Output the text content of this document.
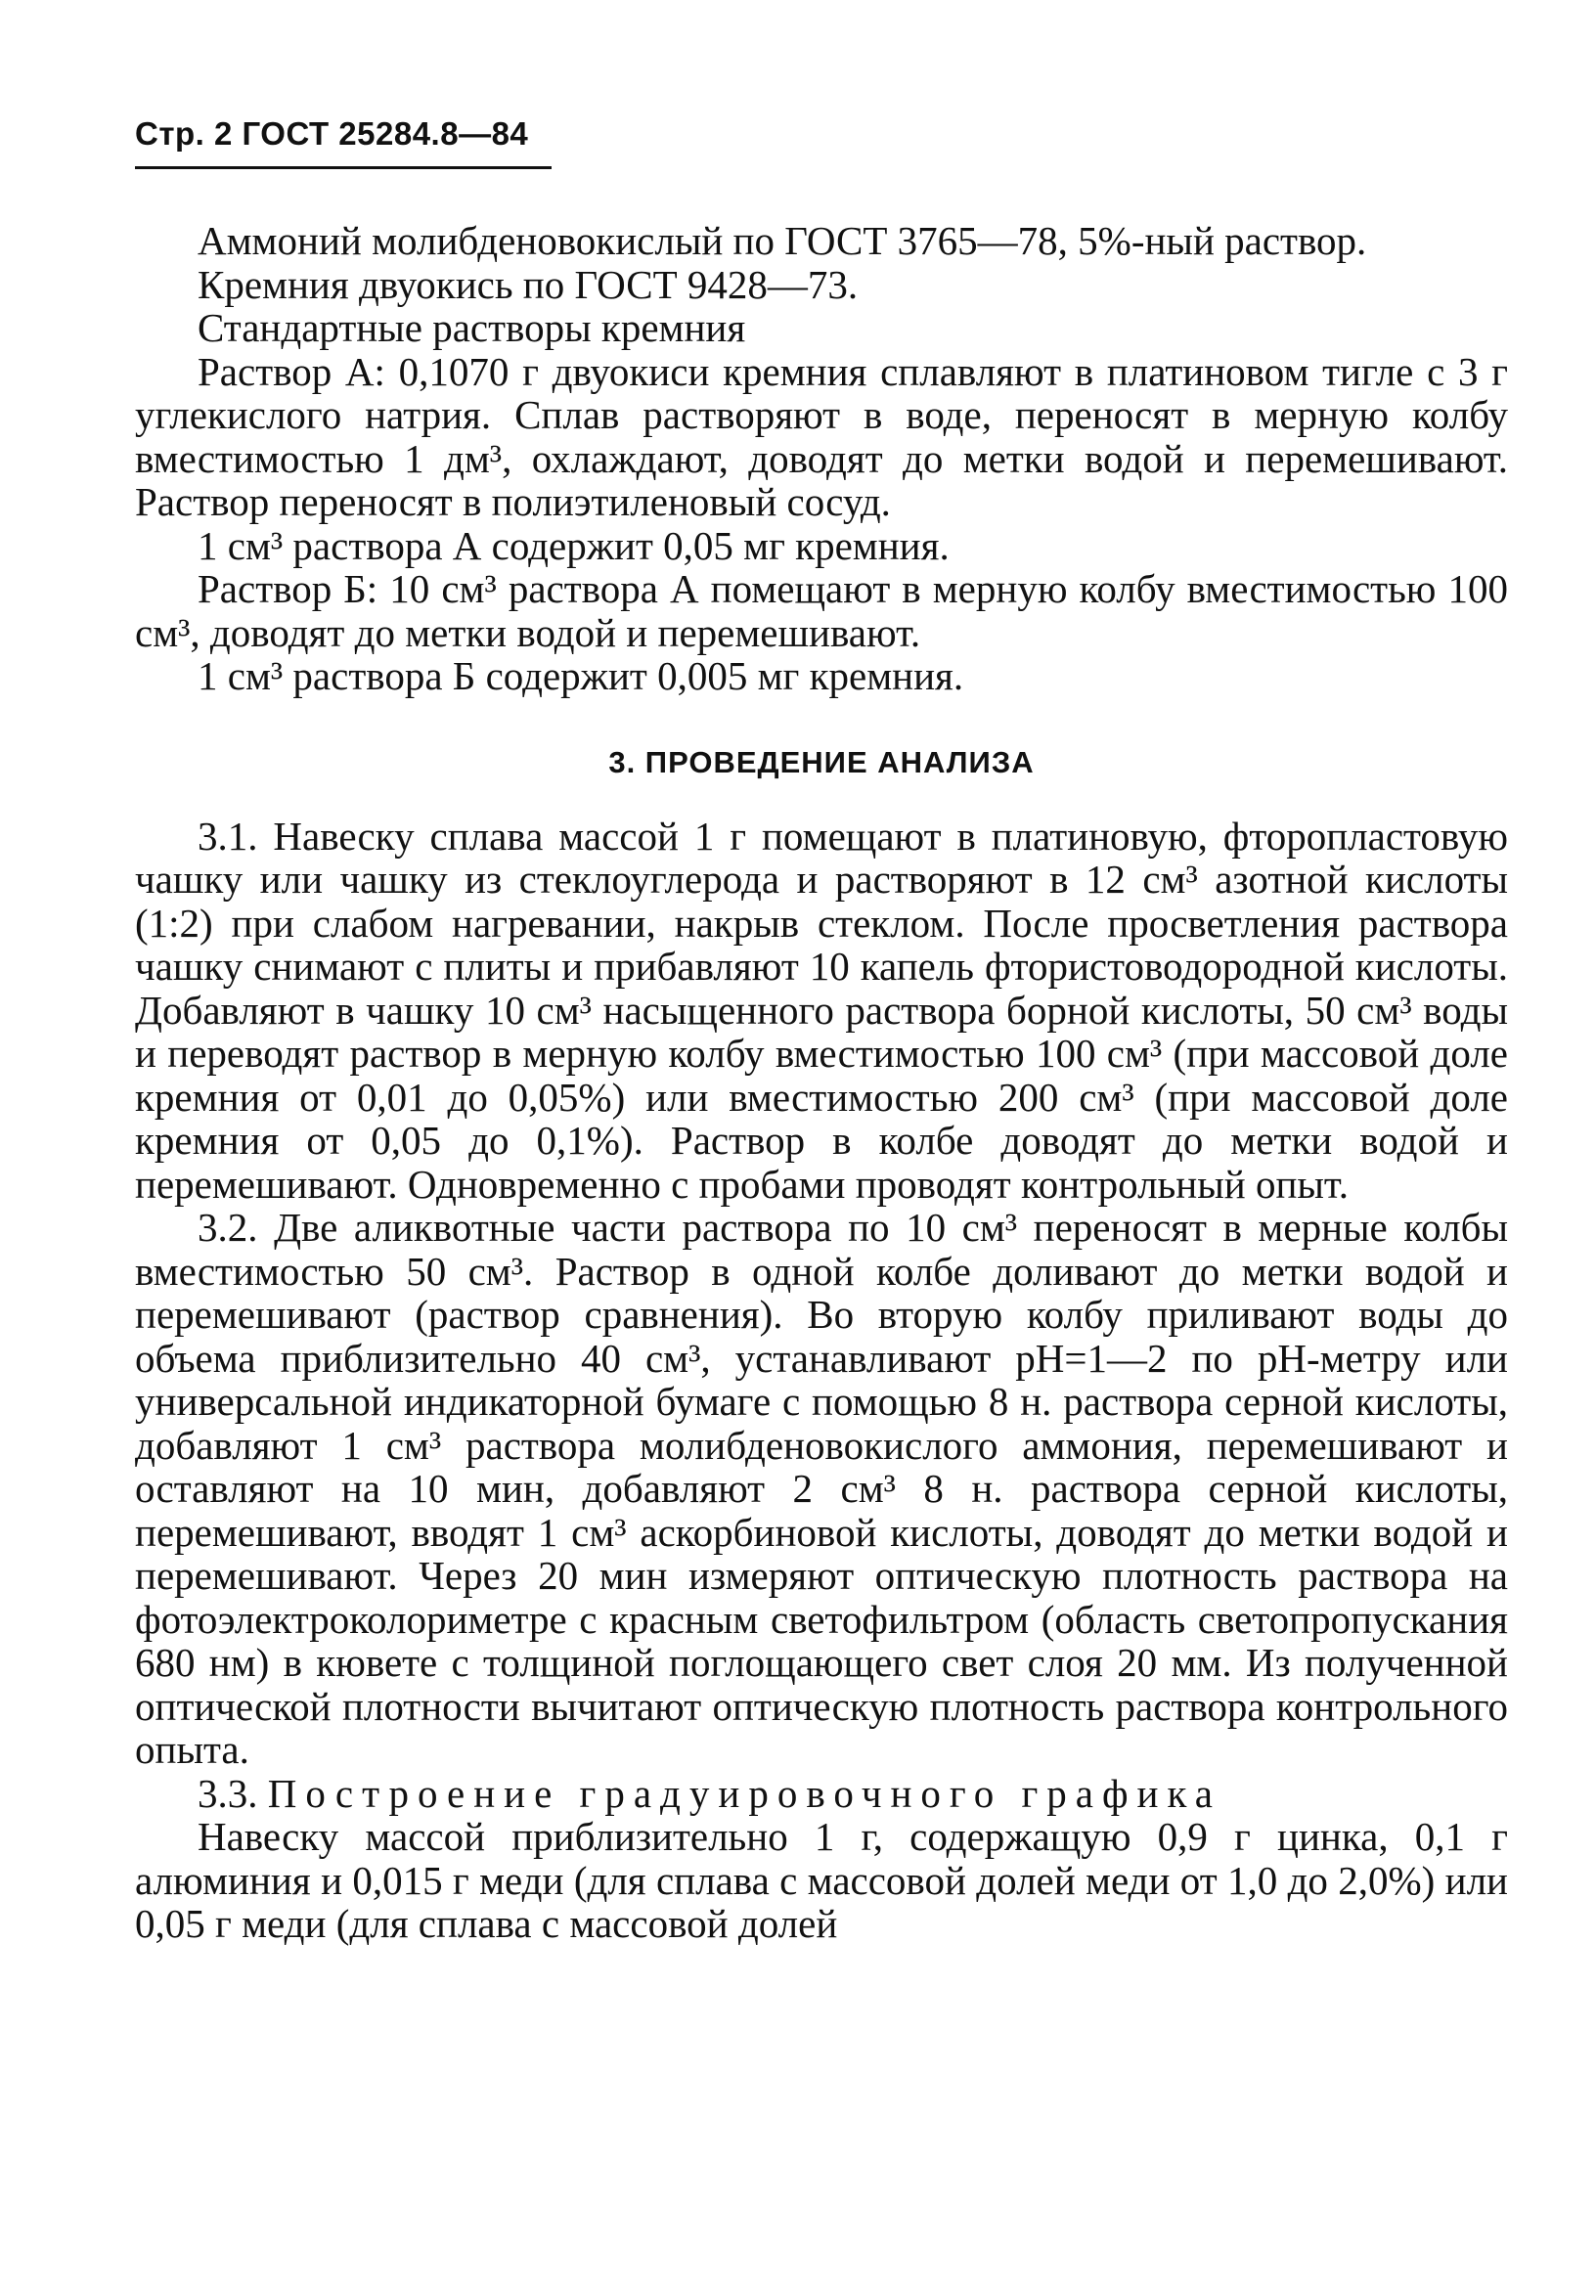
Стр. 2 ГОСТ 25284.8—84

Аммоний молибденовокислый по ГОСТ 3765—78, 5%-ный раствор.

Кремния двуокись по ГОСТ 9428—73.

Стандартные растворы кремния

Раствор А: 0,1070 г двуокиси кремния сплавляют в платиновом тигле с 3 г углекислого натрия. Сплав растворяют в воде, переносят в мерную колбу вместимостью 1 дм³, охлаждают, доводят до метки водой и перемешивают. Раствор переносят в полиэтиленовый сосуд.

1 см³ раствора А содержит 0,05 мг кремния.

Раствор Б: 10 см³ раствора А помещают в мерную колбу вместимостью 100 см³, доводят до метки водой и перемешивают.

1 см³ раствора Б содержит 0,005 мг кремния.

3. ПРОВЕДЕНИЕ АНАЛИЗА

3.1. Навеску сплава массой 1 г помещают в платиновую, фторопластовую чашку или чашку из стеклоуглерода и растворяют в 12 см³ азотной кислоты (1:2) при слабом нагревании, накрыв стеклом. После просветления раствора чашку снимают с плиты и прибавляют 10 капель фтористоводородной кислоты. Добавляют в чашку 10 см³ насыщенного раствора борной кислоты, 50 см³ воды и переводят раствор в мерную колбу вместимостью 100 см³ (при массовой доле кремния от 0,01 до 0,05%) или вместимостью 200 см³ (при массовой доле кремния от 0,05 до 0,1%). Раствор в колбе доводят до метки водой и перемешивают. Одновременно с пробами проводят контрольный опыт.

3.2. Две аликвотные части раствора по 10 см³ переносят в мерные колбы вместимостью 50 см³. Раствор в одной колбе доливают до метки водой и перемешивают (раствор сравнения). Во вторую колбу приливают воды до объема приблизительно 40 см³, устанавливают рН=1—2 по рН-метру или универсальной индикаторной бумаге с помощью 8 н. раствора серной кислоты, добавляют 1 см³ раствора молибденовокислого аммония, перемешивают и оставляют на 10 мин, добавляют 2 см³ 8 н. раствора серной кислоты, перемешивают, вводят 1 см³ аскорбиновой кислоты, доводят до метки водой и перемешивают. Через 20 мин измеряют оптическую плотность раствора на фотоэлектроколориметре с красным светофильтром (область светопропускания 680 нм) в кювете с толщиной поглощающего свет слоя 20 мм. Из полученной оптической плотности вычитают оптическую плотность раствора контрольного опыта.

3.3. Построение градуировочного графика

Навеску массой приблизительно 1 г, содержащую 0,9 г цинка, 0,1 г алюминия и 0,015 г меди (для сплава с массовой долей меди от 1,0 до 2,0%) или 0,05 г меди (для сплава с массовой долей
